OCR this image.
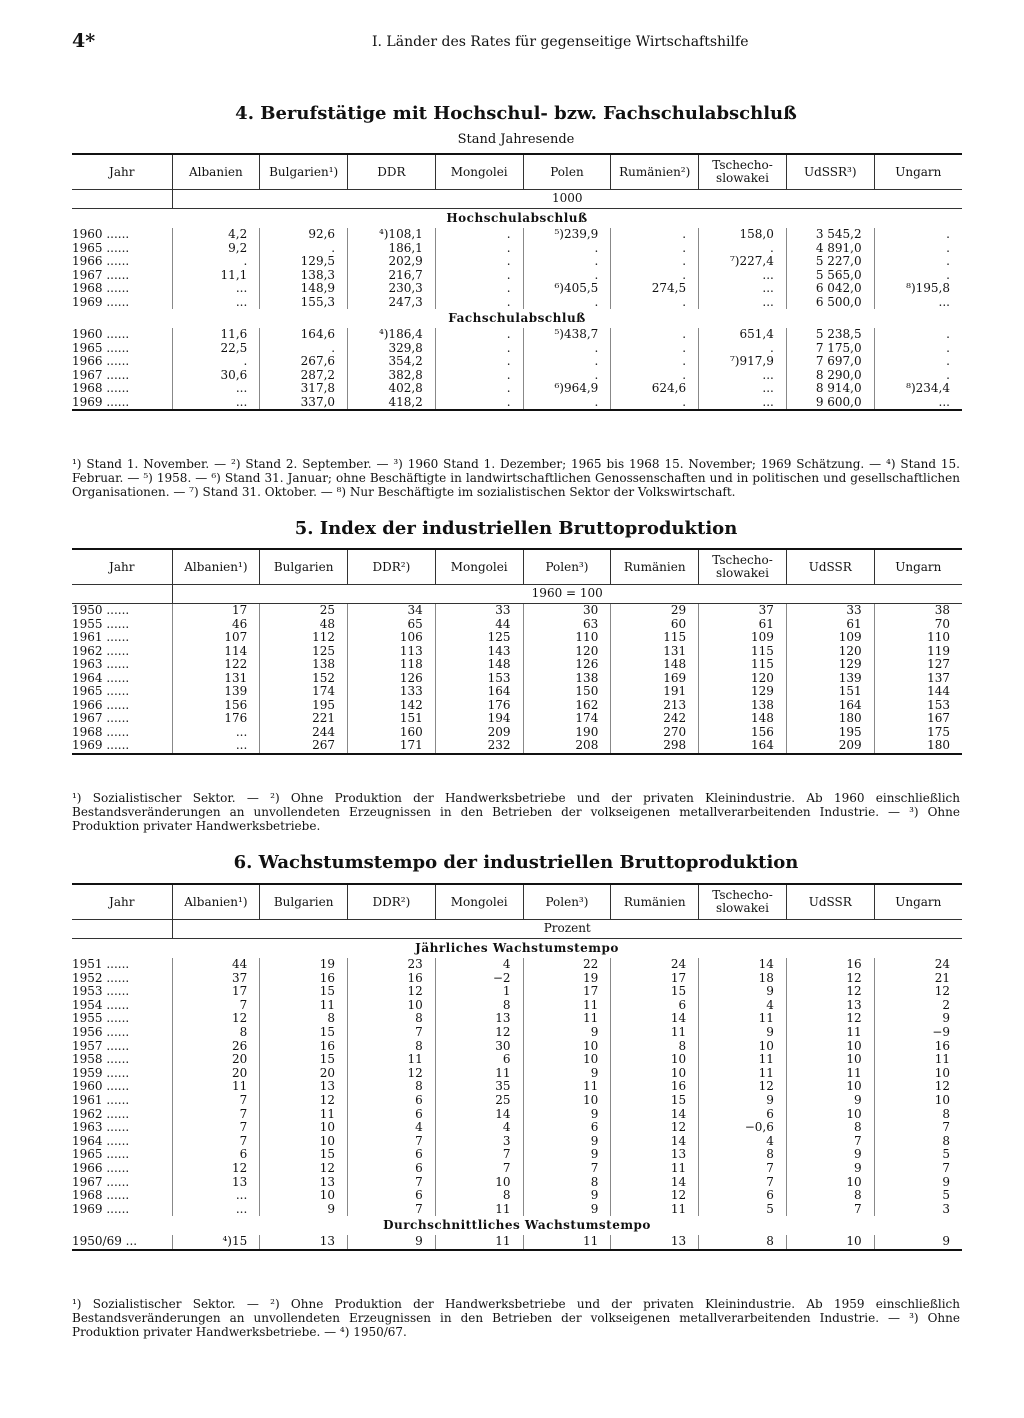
4*	I. Länder des Rates für gegenseitige Wirtschaftshilfe
4. Berufstätige mit Hochschul- bzw. Fachschulabschluß
Stand Jahresende
Jahr	Albanien	Bulgarien¹)	DDR	Mongolei	Polen	Rumänien²)	Tschecho-
slowakei	UdSSR³)	Ungarn
	1000								
Hochschulabschluß									
1960 ......	4,2	92,6	⁴)108,1	.	⁵)239,9	.	158,0	3 545,2	.
1965 ......	9,2	.	186,1	.	.	.	.	4 891,0	.
1966 ......	.	129,5	202,9	.	.	.	⁷)227,4	5 227,0	.
1967 ......	11,1	138,3	216,7	.	.	.	...	5 565,0	.
1968 ......	...	148,9	230,3	.	⁶)405,5	274,5	...	6 042,0	⁸)195,8
1969 ......	...	155,3	247,3	.	.	.	...	6 500,0	...
Fachschulabschluß									
1960 ......	11,6	164,6	⁴)186,4	.	⁵)438,7	.	651,4	5 238,5	.
1965 ......	22,5	.	329,8	.	.	.	.	7 175,0	.
1966 ......	.	267,6	354,2	.	.	.	⁷)917,9	7 697,0	.
1967 ......	30,6	287,2	382,8	.	.	.	...	8 290,0	.
1968 ......	...	317,8	402,8	.	⁶)964,9	624,6	...	8 914,0	⁸)234,4
1969 ......	...	337,0	418,2	.	.	.	...	9 600,0	...
¹) Stand 1. November. — ²) Stand 2. September. — ³) 1960 Stand 1. Dezember; 1965 bis 1968 15. November; 1969 Schätzung. — ⁴) Stand 15. Februar. — ⁵) 1958. — ⁶) Stand 31. Januar; ohne Beschäftigte in landwirtschaftlichen Genossenschaften und in politischen und gesellschaftlichen Organisationen. — ⁷) Stand 31. Oktober. — ⁸) Nur Beschäftigte im sozialistischen Sektor der Volkswirtschaft.
5. Index der industriellen Bruttoproduktion
Jahr	Albanien¹)	Bulgarien	DDR²)	Mongolei	Polen³)	Rumänien	Tschecho-
slowakei	UdSSR	Ungarn
	1960 = 100								
1950 ......	17	25	34	33	30	29	37	33	38
1955 ......	46	48	65	44	63	60	61	61	70
1961 ......	107	112	106	125	110	115	109	109	110
1962 ......	114	125	113	143	120	131	115	120	119
1963 ......	122	138	118	148	126	148	115	129	127
1964 ......	131	152	126	153	138	169	120	139	137
1965 ......	139	174	133	164	150	191	129	151	144
1966 ......	156	195	142	176	162	213	138	164	153
1967 ......	176	221	151	194	174	242	148	180	167
1968 ......	...	244	160	209	190	270	156	195	175
1969 ......	...	267	171	232	208	298	164	209	180
¹) Sozialistischer Sektor. — ²) Ohne Produktion der Handwerksbetriebe und der privaten Kleinindustrie. Ab 1960 einschließlich Bestandsveränderungen an unvollendeten Erzeugnissen in den Betrieben der volkseigenen metallverarbeitenden Industrie. — ³) Ohne Produktion privater Handwerksbetriebe.
6. Wachstumstempo der industriellen Bruttoproduktion
Jahr	Albanien¹)	Bulgarien	DDR²)	Mongolei	Polen³)	Rumänien	Tschecho-
slowakei	UdSSR	Ungarn
	Prozent								
Jährliches Wachstumstempo									
1951 ......	44	19	23	4	22	24	14	16	24
1952 ......	37	16	16	−2	19	17	18	12	21
1953 ......	17	15	12	1	17	15	9	12	12
1954 ......	7	11	10	8	11	6	4	13	2
1955 ......	12	8	8	13	11	14	11	12	9
1956 ......	8	15	7	12	9	11	9	11	−9
1957 ......	26	16	8	30	10	8	10	10	16
1958 ......	20	15	11	6	10	10	11	10	11
1959 ......	20	20	12	11	9	10	11	11	10
1960 ......	11	13	8	35	11	16	12	10	12
1961 ......	7	12	6	25	10	15	9	9	10
1962 ......	7	11	6	14	9	14	6	10	8
1963 ......	7	10	4	4	6	12	−0,6	8	7
1964 ......	7	10	7	3	9	14	4	7	8
1965 ......	6	15	6	7	9	13	8	9	5
1966 ......	12	12	6	7	7	11	7	9	7
1967 ......	13	13	7	10	8	14	7	10	9
1968 ......	...	10	6	8	9	12	6	8	5
1969 ......	...	9	7	11	9	11	5	7	3
Durchschnittliches Wachstumstempo									
1950/69 ...	⁴)15	13	9	11	11	13	8	10	9
¹) Sozialistischer Sektor. — ²) Ohne Produktion der Handwerksbetriebe und der privaten Kleinindustrie. Ab 1959 einschließlich Bestandsveränderungen an unvollendeten Erzeugnissen in den Betrieben der volkseigenen metallverarbeitenden Industrie. — ³) Ohne Produktion privater Handwerksbetriebe. — ⁴) 1950/67.
